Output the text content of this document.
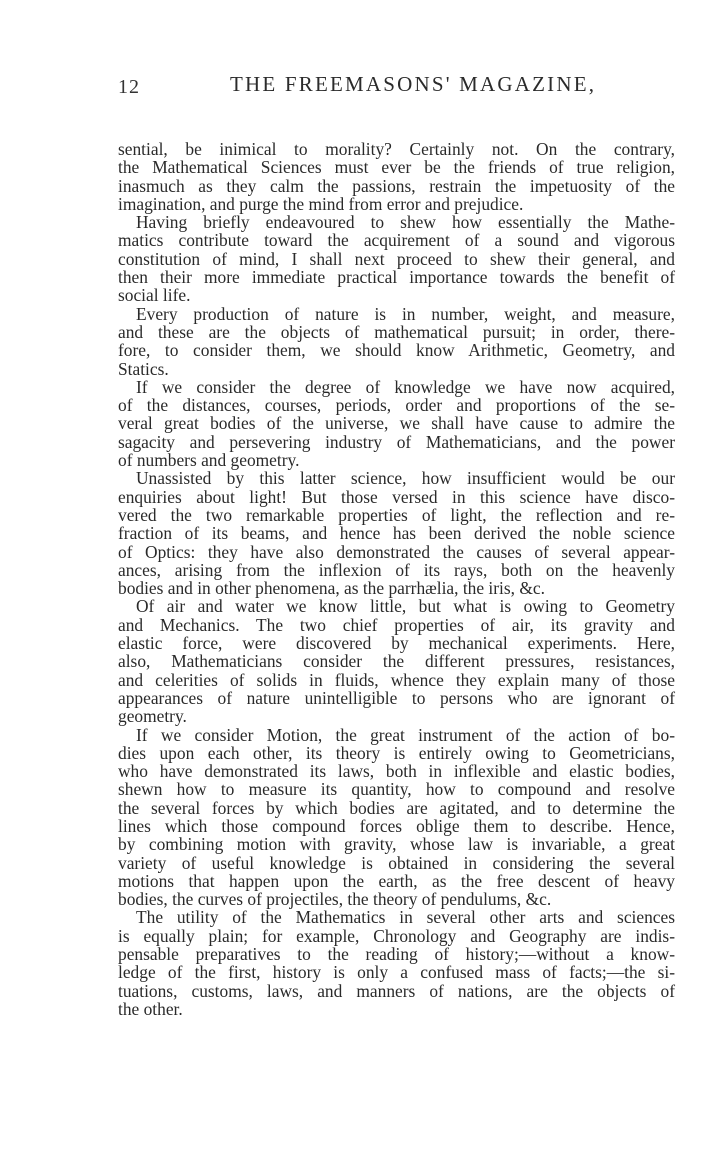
12	THE FREEMASONS' MAGAZINE,
sential, be inimical to morality? Certainly not. On the contrary,
the Mathematical Sciences must ever be the friends of true religion,
inasmuch as they calm the passions, restrain the impetuosity of the
imagination, and purge the mind from error and prejudice.
Having briefly endeavoured to shew how essentially the Mathe-
matics contribute toward the acquirement of a sound and vigorous
constitution of mind, I shall next proceed to shew their general, and
then their more immediate practical importance towards the benefit of
social life.
Every production of nature is in number, weight, and measure,
and these are the objects of mathematical pursuit; in order, there-
fore, to consider them, we should know Arithmetic, Geometry, and
Statics.
If we consider the degree of knowledge we have now acquired,
of the distances, courses, periods, order and proportions of the se-
veral great bodies of the universe, we shall have cause to admire the
sagacity and persevering industry of Mathematicians, and the power
of numbers and geometry.
Unassisted by this latter science, how insufficient would be our
enquiries about light! But those versed in this science have disco-
vered the two remarkable properties of light, the reflection and re-
fraction of its beams, and hence has been derived the noble science
of Optics: they have also demonstrated the causes of several appear-
ances, arising from the inflexion of its rays, both on the heavenly
bodies and in other phenomena, as the parrhælia, the iris, &c.
Of air and water we know little, but what is owing to Geometry
and Mechanics. The two chief properties of air, its gravity and
elastic force, were discovered by mechanical experiments. Here,
also, Mathematicians consider the different pressures, resistances,
and celerities of solids in fluids, whence they explain many of those
appearances of nature unintelligible to persons who are ignorant of
geometry.
If we consider Motion, the great instrument of the action of bo-
dies upon each other, its theory is entirely owing to Geometricians,
who have demonstrated its laws, both in inflexible and elastic bodies,
shewn how to measure its quantity, how to compound and resolve
the several forces by which bodies are agitated, and to determine the
lines which those compound forces oblige them to describe. Hence,
by combining motion with gravity, whose law is invariable, a great
variety of useful knowledge is obtained in considering the several
motions that happen upon the earth, as the free descent of heavy
bodies, the curves of projectiles, the theory of pendulums, &c.
The utility of the Mathematics in several other arts and sciences
is equally plain; for example, Chronology and Geography are indis-
pensable preparatives to the reading of history;—without a know-
ledge of the first, history is only a confused mass of facts;—the si-
tuations, customs, laws, and manners of nations, are the objects of
the other.
